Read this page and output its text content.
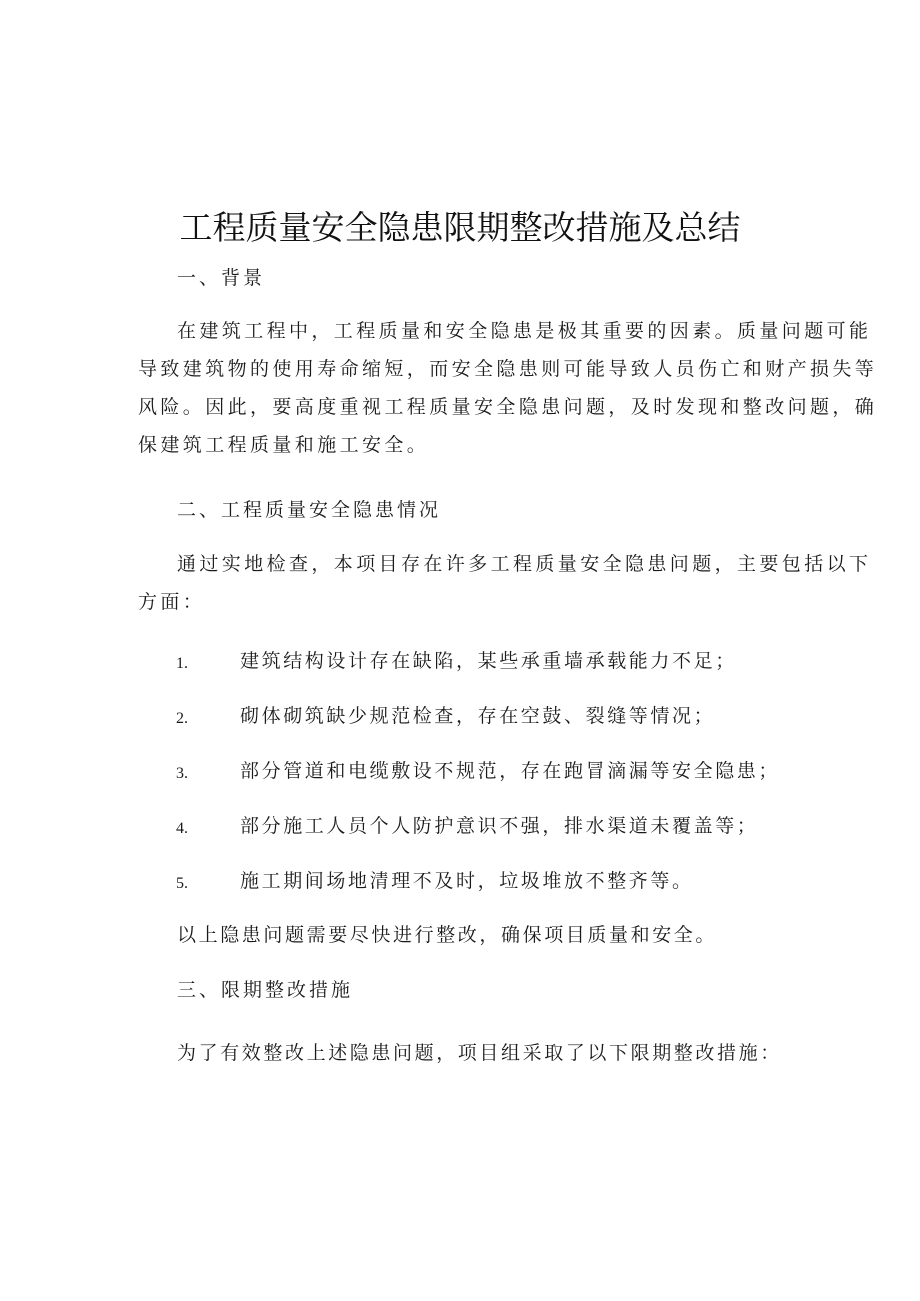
工程质量安全隐患限期整改措施及总结
一、背景
在建筑工程中，工程质量和安全隐患是极其重要的因素。质量问题可能
导致建筑物的使用寿命缩短，而安全隐患则可能导致人员伤亡和财产损失等
风险。因此，要高度重视工程质量安全隐患问题，及时发现和整改问题，确
保建筑工程质量和施工安全。
二、工程质量安全隐患情况
通过实地检查，本项目存在许多工程质量安全隐患问题，主要包括以下
方面：
1.	建筑结构设计存在缺陷，某些承重墙承载能力不足；
2.	砌体砌筑缺少规范检查，存在空鼓、裂缝等情况；
3.	部分管道和电缆敷设不规范，存在跑冒滴漏等安全隐患；
4.	部分施工人员个人防护意识不强，排水渠道未覆盖等；
5.	施工期间场地清理不及时，垃圾堆放不整齐等。
以上隐患问题需要尽快进行整改，确保项目质量和安全。
三、限期整改措施
为了有效整改上述隐患问题，项目组采取了以下限期整改措施：
